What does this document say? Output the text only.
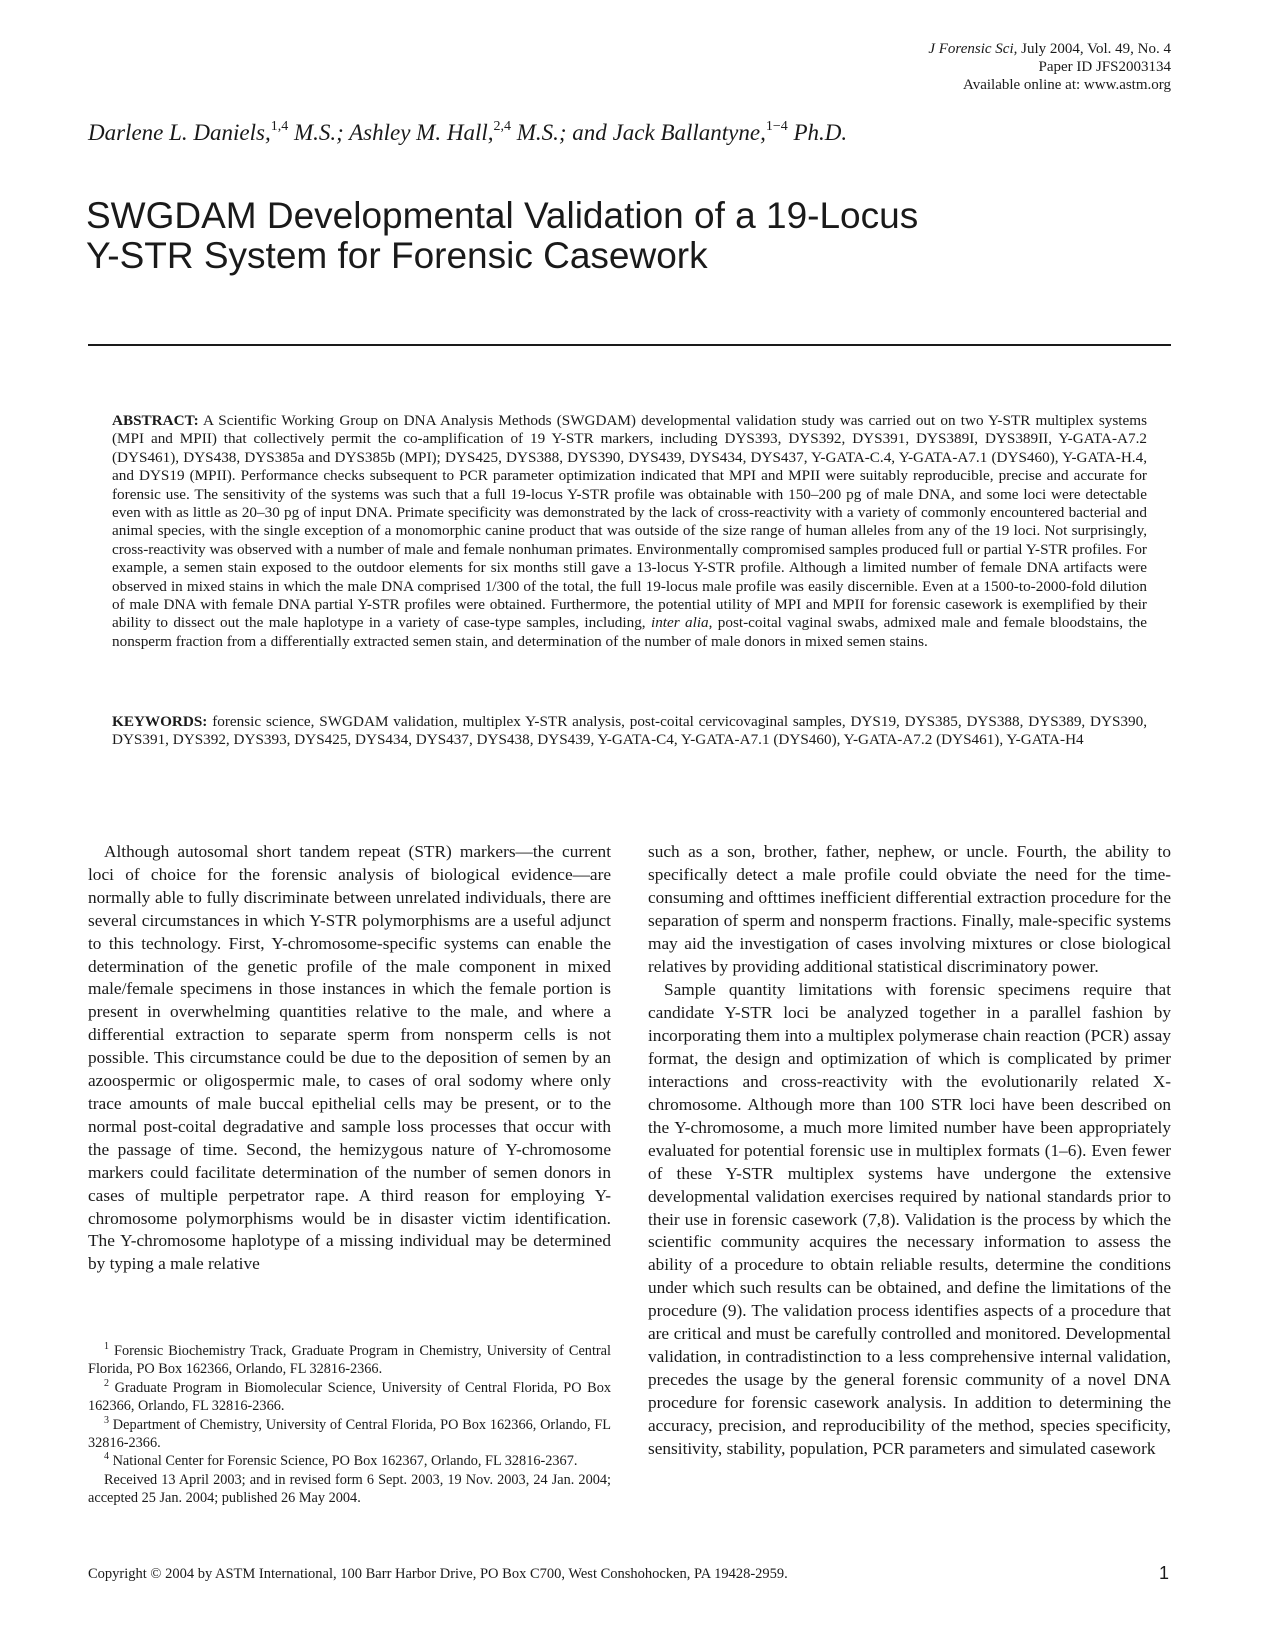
J Forensic Sci, July 2004, Vol. 49, No. 4
Paper ID JFS2003134
Available online at: www.astm.org
Darlene L. Daniels,$^{1,4}$ M.S.; Ashley M. Hall,$^{2,4}$ M.S.; and Jack Ballantyne,$^{1-4}$ Ph.D.
SWGDAM Developmental Validation of a 19-Locus
Y-STR System for Forensic Casework
ABSTRACT: A Scientific Working Group on DNA Analysis Methods (SWGDAM) developmental validation study was carried out on two Y-STR multiplex systems (MPI and MPII) that collectively permit the co-amplification of 19 Y-STR markers, including DYS393, DYS392, DYS391, DYS389I, DYS389II, Y-GATA-A7.2 (DYS461), DYS438, DYS385a and DYS385b (MPI); DYS425, DYS388, DYS390, DYS439, DYS434, DYS437, Y-GATA-C.4, Y-GATA-A7.1 (DYS460), Y-GATA-H.4, and DYS19 (MPII). Performance checks subsequent to PCR parameter optimization indicated that MPI and MPII were suitably reproducible, precise and accurate for forensic use. The sensitivity of the systems was such that a full 19-locus Y-STR profile was obtainable with 150–200 pg of male DNA, and some loci were detectable even with as little as 20–30 pg of input DNA. Primate specificity was demonstrated by the lack of cross-reactivity with a variety of commonly encountered bacterial and animal species, with the single exception of a monomorphic canine product that was outside of the size range of human alleles from any of the 19 loci. Not surprisingly, cross-reactivity was observed with a number of male and female nonhuman primates. Environmentally compromised samples produced full or partial Y-STR profiles. For example, a semen stain exposed to the outdoor elements for six months still gave a 13-locus Y-STR profile. Although a limited number of female DNA artifacts were observed in mixed stains in which the male DNA comprised 1/300 of the total, the full 19-locus male profile was easily discernible. Even at a 1500-to-2000-fold dilution of male DNA with female DNA partial Y-STR profiles were obtained. Furthermore, the potential utility of MPI and MPII for forensic casework is exemplified by their ability to dissect out the male haplotype in a variety of case-type samples, including, inter alia, post-coital vaginal swabs, admixed male and female bloodstains, the nonsperm fraction from a differentially extracted semen stain, and determination of the number of male donors in mixed semen stains.
KEYWORDS: forensic science, SWGDAM validation, multiplex Y-STR analysis, post-coital cervicovaginal samples, DYS19, DYS385, DYS388, DYS389, DYS390, DYS391, DYS392, DYS393, DYS425, DYS434, DYS437, DYS438, DYS439, Y-GATA-C4, Y-GATA-A7.1 (DYS460), Y-GATA-A7.2 (DYS461), Y-GATA-H4

Although autosomal short tandem repeat (STR) markers—the current loci of choice for the forensic analysis of biological evidence—are normally able to fully discriminate between unrelated individuals, there are several circumstances in which Y-STR polymorphisms are a useful adjunct to this technology. First, Y-chromosome-specific systems can enable the determination of the genetic profile of the male component in mixed male/female specimens in those instances in which the female portion is present in overwhelming quantities relative to the male, and where a differential extraction to separate sperm from nonsperm cells is not possible. This circumstance could be due to the deposition of semen by an azoospermic or oligospermic male, to cases of oral sodomy where only trace amounts of male buccal epithelial cells may be present, or to the normal post-coital degradative and sample loss processes that occur with the passage of time. Second, the hemizygous nature of Y-chromosome markers could facilitate determination of the number of semen donors in cases of multiple perpetrator rape. A third reason for employing Y-chromosome polymorphisms would be in disaster victim identification. The Y-chromosome haplotype of a missing individual may be determined by typing a male relative

such as a son, brother, father, nephew, or uncle. Fourth, the ability to specifically detect a male profile could obviate the need for the time-consuming and ofttimes inefficient differential extraction procedure for the separation of sperm and nonsperm fractions. Finally, male-specific systems may aid the investigation of cases involving mixtures or close biological relatives by providing additional statistical discriminatory power.

Sample quantity limitations with forensic specimens require that candidate Y-STR loci be analyzed together in a parallel fashion by incorporating them into a multiplex polymerase chain reaction (PCR) assay format, the design and optimization of which is complicated by primer interactions and cross-reactivity with the evolutionarily related X-chromosome. Although more than 100 STR loci have been described on the Y-chromosome, a much more limited number have been appropriately evaluated for potential forensic use in multiplex formats (1–6). Even fewer of these Y-STR multiplex systems have undergone the extensive developmental validation exercises required by national standards prior to their use in forensic casework (7,8). Validation is the process by which the scientific community acquires the necessary information to assess the ability of a procedure to obtain reliable results, determine the conditions under which such results can be obtained, and define the limitations of the procedure (9). The validation process identifies aspects of a procedure that are critical and must be carefully controlled and monitored. Developmental validation, in contradistinction to a less comprehensive internal validation, precedes the usage by the general forensic community of a novel DNA procedure for forensic casework analysis. In addition to determining the accuracy, precision, and reproducibility of the method, species specificity, sensitivity, stability, population, PCR parameters and simulated casework

$^1$ Forensic Biochemistry Track, Graduate Program in Chemistry, University of Central Florida, PO Box 162366, Orlando, FL 32816-2366.

$^2$ Graduate Program in Biomolecular Science, University of Central Florida, PO Box 162366, Orlando, FL 32816-2366.

$^3$ Department of Chemistry, University of Central Florida, PO Box 162366, Orlando, FL 32816-2366.

$^4$ National Center for Forensic Science, PO Box 162367, Orlando, FL 32816-2367.

Received 13 April 2003; and in revised form 6 Sept. 2003, 19 Nov. 2003, 24 Jan. 2004; accepted 25 Jan. 2004; published 26 May 2004.

Copyright © 2004 by ASTM International, 100 Barr Harbor Drive, PO Box C700, West Conshohocken, PA 19428-2959.	1
